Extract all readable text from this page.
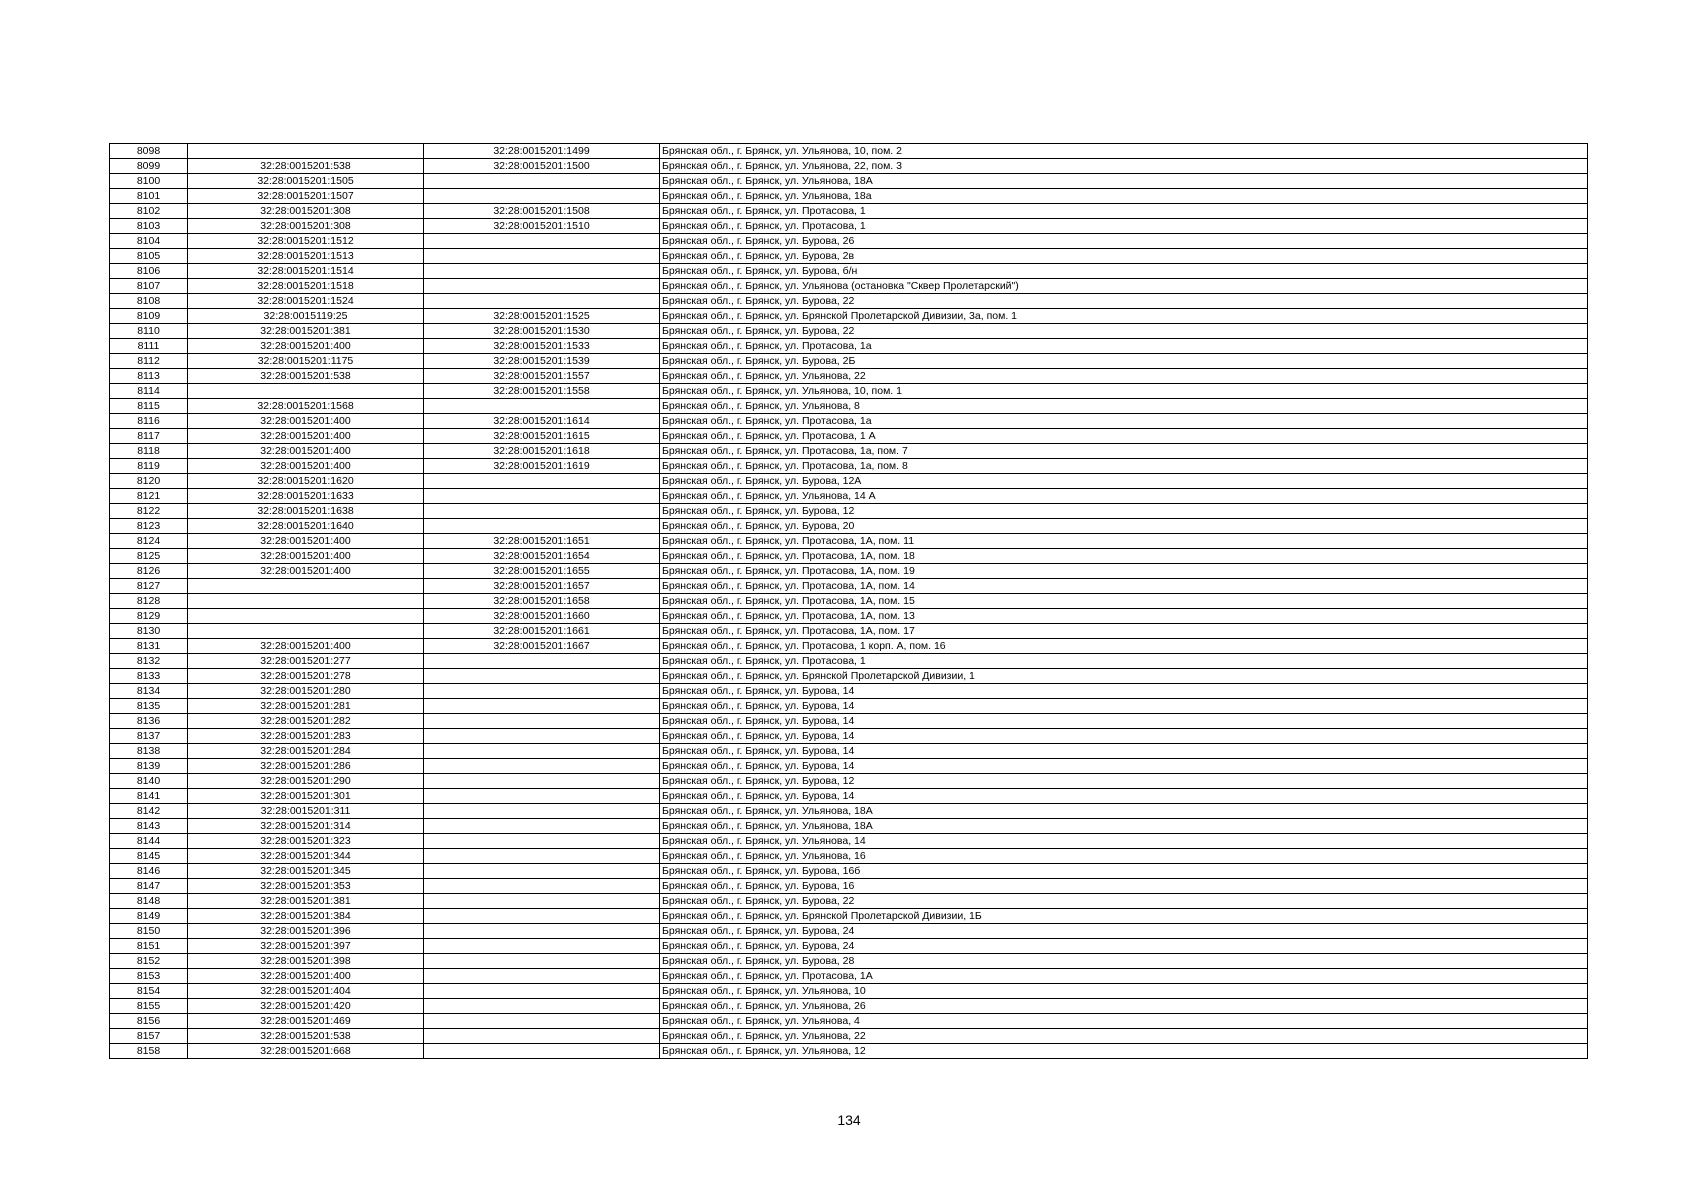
8098		32:28:0015201:1499	Брянская обл., г. Брянск, ул. Ульянова, 10, пом. 2
8099	32:28:0015201:538	32:28:0015201:1500	Брянская обл., г. Брянск, ул. Ульянова, 22, пом. 3
8100	32:28:0015201:1505		Брянская обл., г. Брянск, ул. Ульянова, 18А
8101	32:28:0015201:1507		Брянская обл., г. Брянск, ул. Ульянова, 18а
8102	32:28:0015201:308	32:28:0015201:1508	Брянская обл., г. Брянск, ул. Протасова, 1
8103	32:28:0015201:308	32:28:0015201:1510	Брянская обл., г. Брянск, ул. Протасова, 1
8104	32:28:0015201:1512		Брянская обл., г. Брянск, ул. Бурова, 26
8105	32:28:0015201:1513		Брянская обл., г. Брянск, ул. Бурова, 2в
8106	32:28:0015201:1514		Брянская обл., г. Брянск, ул. Бурова, б/н
8107	32:28:0015201:1518		Брянская обл., г. Брянск, ул. Ульянова (остановка "Сквер Пролетарский")
8108	32:28:0015201:1524		Брянская обл., г. Брянск, ул. Бурова, 22
8109	32:28:0015119:25	32:28:0015201:1525	Брянская обл., г. Брянск, ул. Брянской Пролетарской Дивизии, 3а, пом. 1
8110	32:28:0015201:381	32:28:0015201:1530	Брянская обл., г. Брянск, ул. Бурова, 22
8111	32:28:0015201:400	32:28:0015201:1533	Брянская обл., г. Брянск, ул. Протасова, 1а
8112	32:28:0015201:1175	32:28:0015201:1539	Брянская обл., г. Брянск, ул. Бурова, 2Б
8113	32:28:0015201:538	32:28:0015201:1557	Брянская обл., г. Брянск, ул. Ульянова, 22
8114		32:28:0015201:1558	Брянская обл., г. Брянск, ул. Ульянова, 10, пом. 1
8115	32:28:0015201:1568		Брянская обл., г. Брянск, ул. Ульянова, 8
8116	32:28:0015201:400	32:28:0015201:1614	Брянская обл., г. Брянск, ул. Протасова, 1а
8117	32:28:0015201:400	32:28:0015201:1615	Брянская обл., г. Брянск, ул. Протасова, 1 А
8118	32:28:0015201:400	32:28:0015201:1618	Брянская обл., г. Брянск, ул. Протасова, 1а, пом. 7
8119	32:28:0015201:400	32:28:0015201:1619	Брянская обл., г. Брянск, ул. Протасова, 1а, пом. 8
8120	32:28:0015201:1620		Брянская обл., г. Брянск, ул. Бурова, 12А
8121	32:28:0015201:1633		Брянская обл., г. Брянск, ул. Ульянова, 14 А
8122	32:28:0015201:1638		Брянская обл., г. Брянск, ул. Бурова, 12
8123	32:28:0015201:1640		Брянская обл., г. Брянск, ул. Бурова, 20
8124	32:28:0015201:400	32:28:0015201:1651	Брянская обл., г. Брянск, ул. Протасова, 1А, пом. 11
8125	32:28:0015201:400	32:28:0015201:1654	Брянская обл., г. Брянск, ул. Протасова, 1А, пом. 18
8126	32:28:0015201:400	32:28:0015201:1655	Брянская обл., г. Брянск, ул. Протасова, 1А, пом. 19
8127		32:28:0015201:1657	Брянская обл., г. Брянск, ул. Протасова, 1А, пом. 14
8128		32:28:0015201:1658	Брянская обл., г. Брянск, ул. Протасова, 1А, пом. 15
8129		32:28:0015201:1660	Брянская обл., г. Брянск, ул. Протасова, 1А, пом. 13
8130		32:28:0015201:1661	Брянская обл., г. Брянск, ул. Протасова, 1А, пом. 17
8131	32:28:0015201:400	32:28:0015201:1667	Брянская обл., г. Брянск, ул. Протасова, 1 корп. А, пом. 16
8132	32:28:0015201:277		Брянская обл., г. Брянск, ул. Протасова, 1
8133	32:28:0015201:278		Брянская обл., г. Брянск, ул. Брянской Пролетарской Дивизии, 1
8134	32:28:0015201:280		Брянская обл., г. Брянск, ул. Бурова, 14
8135	32:28:0015201:281		Брянская обл., г. Брянск, ул. Бурова, 14
8136	32:28:0015201:282		Брянская обл., г. Брянск, ул. Бурова, 14
8137	32:28:0015201:283		Брянская обл., г. Брянск, ул. Бурова, 14
8138	32:28:0015201:284		Брянская обл., г. Брянск, ул. Бурова, 14
8139	32:28:0015201:286		Брянская обл., г. Брянск, ул. Бурова, 14
8140	32:28:0015201:290		Брянская обл., г. Брянск, ул. Бурова, 12
8141	32:28:0015201:301		Брянская обл., г. Брянск, ул. Бурова, 14
8142	32:28:0015201:311		Брянская обл., г. Брянск, ул. Ульянова, 18А
8143	32:28:0015201:314		Брянская обл., г. Брянск, ул. Ульянова, 18А
8144	32:28:0015201:323		Брянская обл., г. Брянск, ул. Ульянова, 14
8145	32:28:0015201:344		Брянская обл., г. Брянск, ул. Ульянова, 16
8146	32:28:0015201:345		Брянская обл., г. Брянск, ул. Бурова, 16б
8147	32:28:0015201:353		Брянская обл., г. Брянск, ул. Бурова, 16
8148	32:28:0015201:381		Брянская обл., г. Брянск, ул. Бурова, 22
8149	32:28:0015201:384		Брянская обл., г. Брянск, ул. Брянской Пролетарской Дивизии, 1Б
8150	32:28:0015201:396		Брянская обл., г. Брянск, ул. Бурова, 24
8151	32:28:0015201:397		Брянская обл., г. Брянск, ул. Бурова, 24
8152	32:28:0015201:398		Брянская обл., г. Брянск, ул. Бурова, 28
8153	32:28:0015201:400		Брянская обл., г. Брянск, ул. Протасова, 1А
8154	32:28:0015201:404		Брянская обл., г. Брянск, ул. Ульянова, 10
8155	32:28:0015201:420		Брянская обл., г. Брянск, ул. Ульянова, 26
8156	32:28:0015201:469		Брянская обл., г. Брянск, ул. Ульянова, 4
8157	32:28:0015201:538		Брянская обл., г. Брянск, ул. Ульянова, 22
8158	32:28:0015201:668		Брянская обл., г. Брянск, ул. Ульянова, 12
134
